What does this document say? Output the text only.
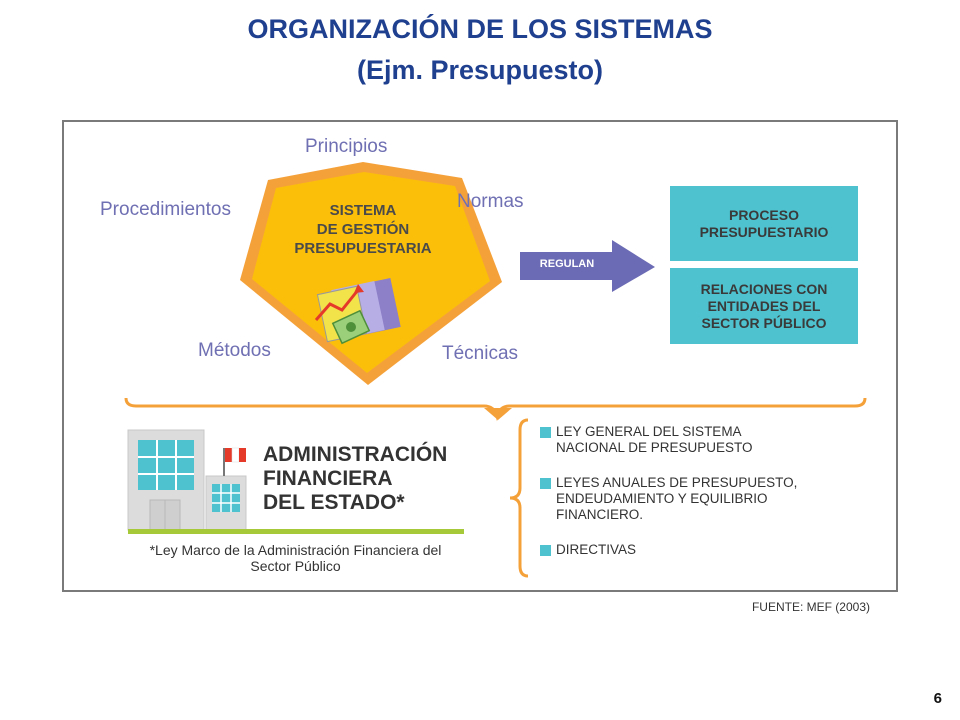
ORGANIZACIÓN DE LOS SISTEMAS
(Ejm. Presupuesto)
Principios
Procedimientos	Normas
Métodos	Técnicas
SISTEMA
DE GESTIÓN
PRESUPUESTARIA
REGULAN
PROCESO
PRESUPUESTARIO
RELACIONES CON
ENTIDADES DEL
SECTOR PÚBLICO
ADMINISTRACIÓN
FINANCIERA
DEL ESTADO*
*Ley Marco de la Administración Financiera del Sector Público
LEY GENERAL DEL SISTEMA
NACIONAL DE PRESUPUESTO
LEYES ANUALES DE PRESUPUESTO,
ENDEUDAMIENTO Y EQUILIBRIO
FINANCIERO.
DIRECTIVAS
FUENTE: MEF (2003)
6
